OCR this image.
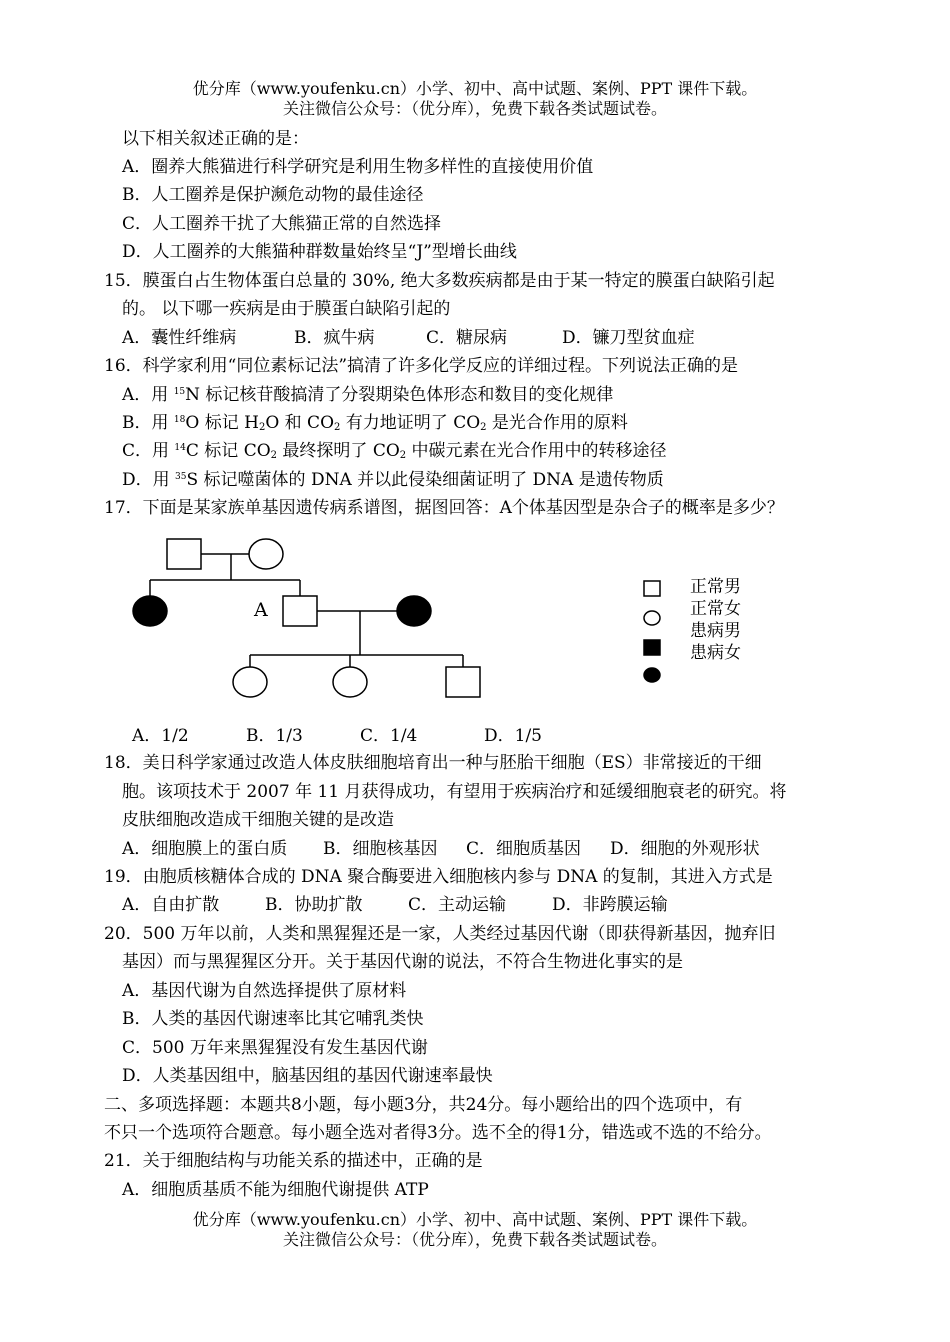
优分库（www.youfenku.cn）小学、初中、高中试题、案例、PPT 课件下载。
关注微信公众号：（优分库），免费下载各类试题试卷。
以下相关叙述正确的是：
A．圈养大熊猫进行科学研究是利用生物多样性的直接使用价值
B．人工圈养是保护濒危动物的最佳途径
C．人工圈养干扰了大熊猫正常的自然选择
D．人工圈养的大熊猫种群数量始终呈“J”型增长曲线
15．膜蛋白占生物体蛋白总量的 30%, 绝大多数疾病都是由于某一特定的膜蛋白缺陷引起
的。 以下哪一疾病是由于膜蛋白缺陷引起的
A．囊性纤维病	B．疯牛病	C．糖尿病	D．镰刀型贫血症
16．科学家利用“同位素标记法”搞清了许多化学反应的详细过程。下列说法正确的是
A．用 $^{15}$N 标记核苷酸搞清了分裂期染色体形态和数目的变化规律
B．用 $^{18}$O 标记 $H_2O$ 和 $CO_2$ 有力地证明了 $CO_2$ 是光合作用的原料
C．用 $^{14}$C 标记 $CO_2$ 最终探明了 $CO_2$ 中碳元素在光合作用中的转移途径
D．用 $^{35}$S 标记噬菌体的 DNA 并以此侵染细菌证明了 DNA 是遗传物质
17．下面是某家族单基因遗传病系谱图，据图回答：A个体基因型是杂合子的概率是多少？
A
正常男
正常女
患病男
患病女
A．1/2	B．1/3	C．1/4	D．1/5
18．美日科学家通过改造人体皮肤细胞培育出一种与胚胎干细胞（ES）非常接近的干细
胞。该项技术于 2007 年 11 月获得成功，有望用于疾病治疗和延缓细胞衰老的研究。将
皮肤细胞改造成干细胞关键的是改造
A．细胞膜上的蛋白质 B．细胞核基因 C．细胞质基因 D．细胞的外观形状
19．由胞质核糖体合成的 DNA 聚合酶要进入细胞核内参与 DNA 的复制，其进入方式是
A．自由扩散	B．协助扩散	C．主动运输	D．非跨膜运输
20．500 万年以前，人类和黑猩猩还是一家，人类经过基因代谢（即获得新基因，抛弃旧
基因）而与黑猩猩区分开。关于基因代谢的说法，不符合生物进化事实的是
A．基因代谢为自然选择提供了原材料
B．人类的基因代谢速率比其它哺乳类快
C．500 万年来黑猩猩没有发生基因代谢
D．人类基因组中，脑基因组的基因代谢速率最快
二、多项选择题：本题共8小题，每小题3分，共24分。每小题给出的四个选项中，有
不只一个选项符合题意。每小题全选对者得3分。选不全的得1分，错选或不选的不给分。
21．关于细胞结构与功能关系的描述中，正确的是
A．细胞质基质不能为细胞代谢提供 ATP
优分库（www.youfenku.cn）小学、初中、高中试题、案例、PPT 课件下载。
关注微信公众号：（优分库），免费下载各类试题试卷。
